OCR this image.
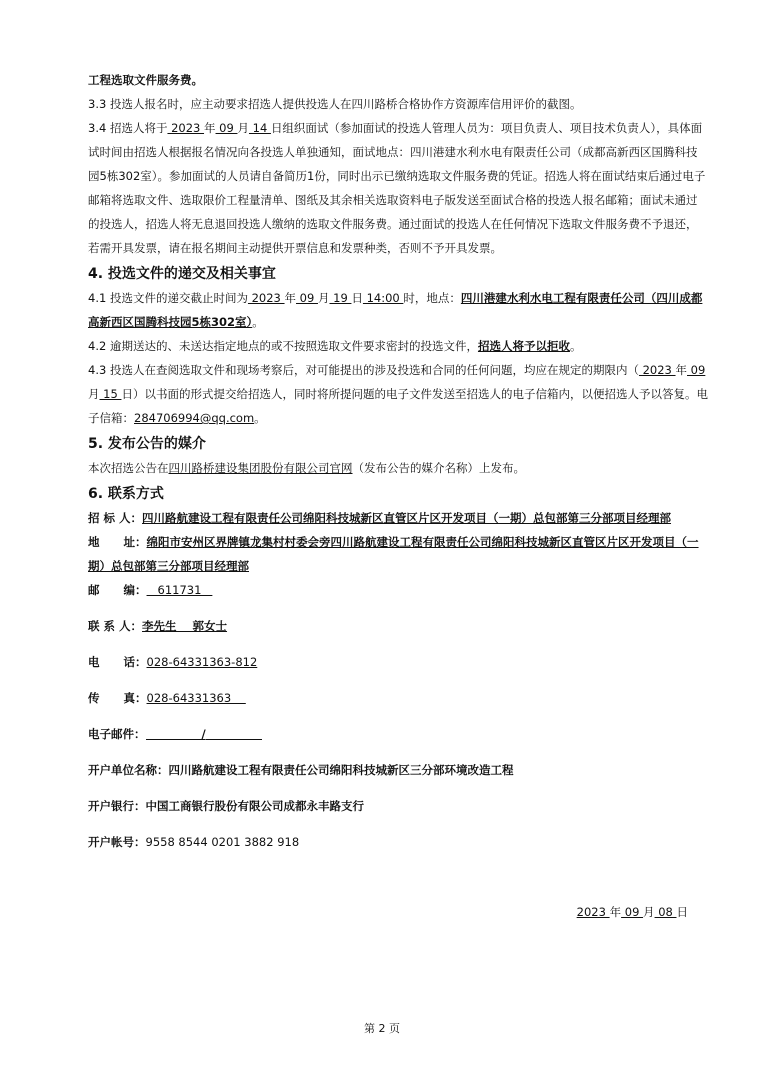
工程选取文件服务费。

3.3 投选人报名时，应主动要求招选人提供投选人在四川路桥合格协作方资源库信用评价的截图。

3.4 招选人将于 2023 年 09 月 14 日组织面试（参加面试的投选人管理人员为：项目负责人、项目技术负责人），具体面试时间由招选人根据报名情况向各投选人单独通知，面试地点：四川港建水利水电有限责任公司（成都高新西区国腾科技园5栋302室）。参加面试的人员请自备简历1份，同时出示已缴纳选取文件服务费的凭证。招选人将在面试结束后通过电子邮箱将选取文件、选取限价工程量清单、图纸及其余相关选取资料电子版发送至面试合格的投选人报名邮箱；面试未通过的投选人，招选人将无息退回投选人缴纳的选取文件服务费。通过面试的投选人在任何情况下选取文件服务费不予退还，若需开具发票，请在报名期间主动提供开票信息和发票种类，否则不予开具发票。

4. 投选文件的递交及相关事宜

4.1 投选文件的递交截止时间为 2023 年 09 月 19 日 14:00 时，地点：四川港建水利水电工程有限责任公司（四川成都高新西区国腾科技园5栋302室）。

4.2 逾期送达的、未送达指定地点的或不按照选取文件要求密封的投选文件，招选人将予以拒收。

4.3 投选人在查阅选取文件和现场考察后，对可能提出的涉及投选和合同的任何问题，均应在规定的期限内（ 2023 年 09 月 15 日）以书面的形式提交给招选人，同时将所提问题的电子文件发送至招选人的电子信箱内，以便招选人予以答复。电子信箱：284706994@qq.com。

5. 发布公告的媒介

本次招选公告在四川路桥建设集团股份有限公司官网（发布公告的媒介名称）上发布。

6. 联系方式

招 标 人：四川路航建设工程有限责任公司绵阳科技城新区直管区片区开发项目（一期）总包部第三分部项目经理部

地      址：绵阳市安州区界牌镇龙集村村委会旁四川路航建设工程有限责任公司绵阳科技城新区直管区片区开发项目（一期）总包部第三分部项目经理部

邮      编：   611731

联 系 人：李先生    郭女士

电      话：028-64331363-812

传      真：028-64331363

电子邮件：	/

开户单位名称：四川路航建设工程有限责任公司绵阳科技城新区三分部环境改造工程

开户银行：中国工商银行股份有限公司成都永丰路支行

开户帐号：9558 8544 0201 3882 918

2023 年 09 月 08 日
第 2 页
